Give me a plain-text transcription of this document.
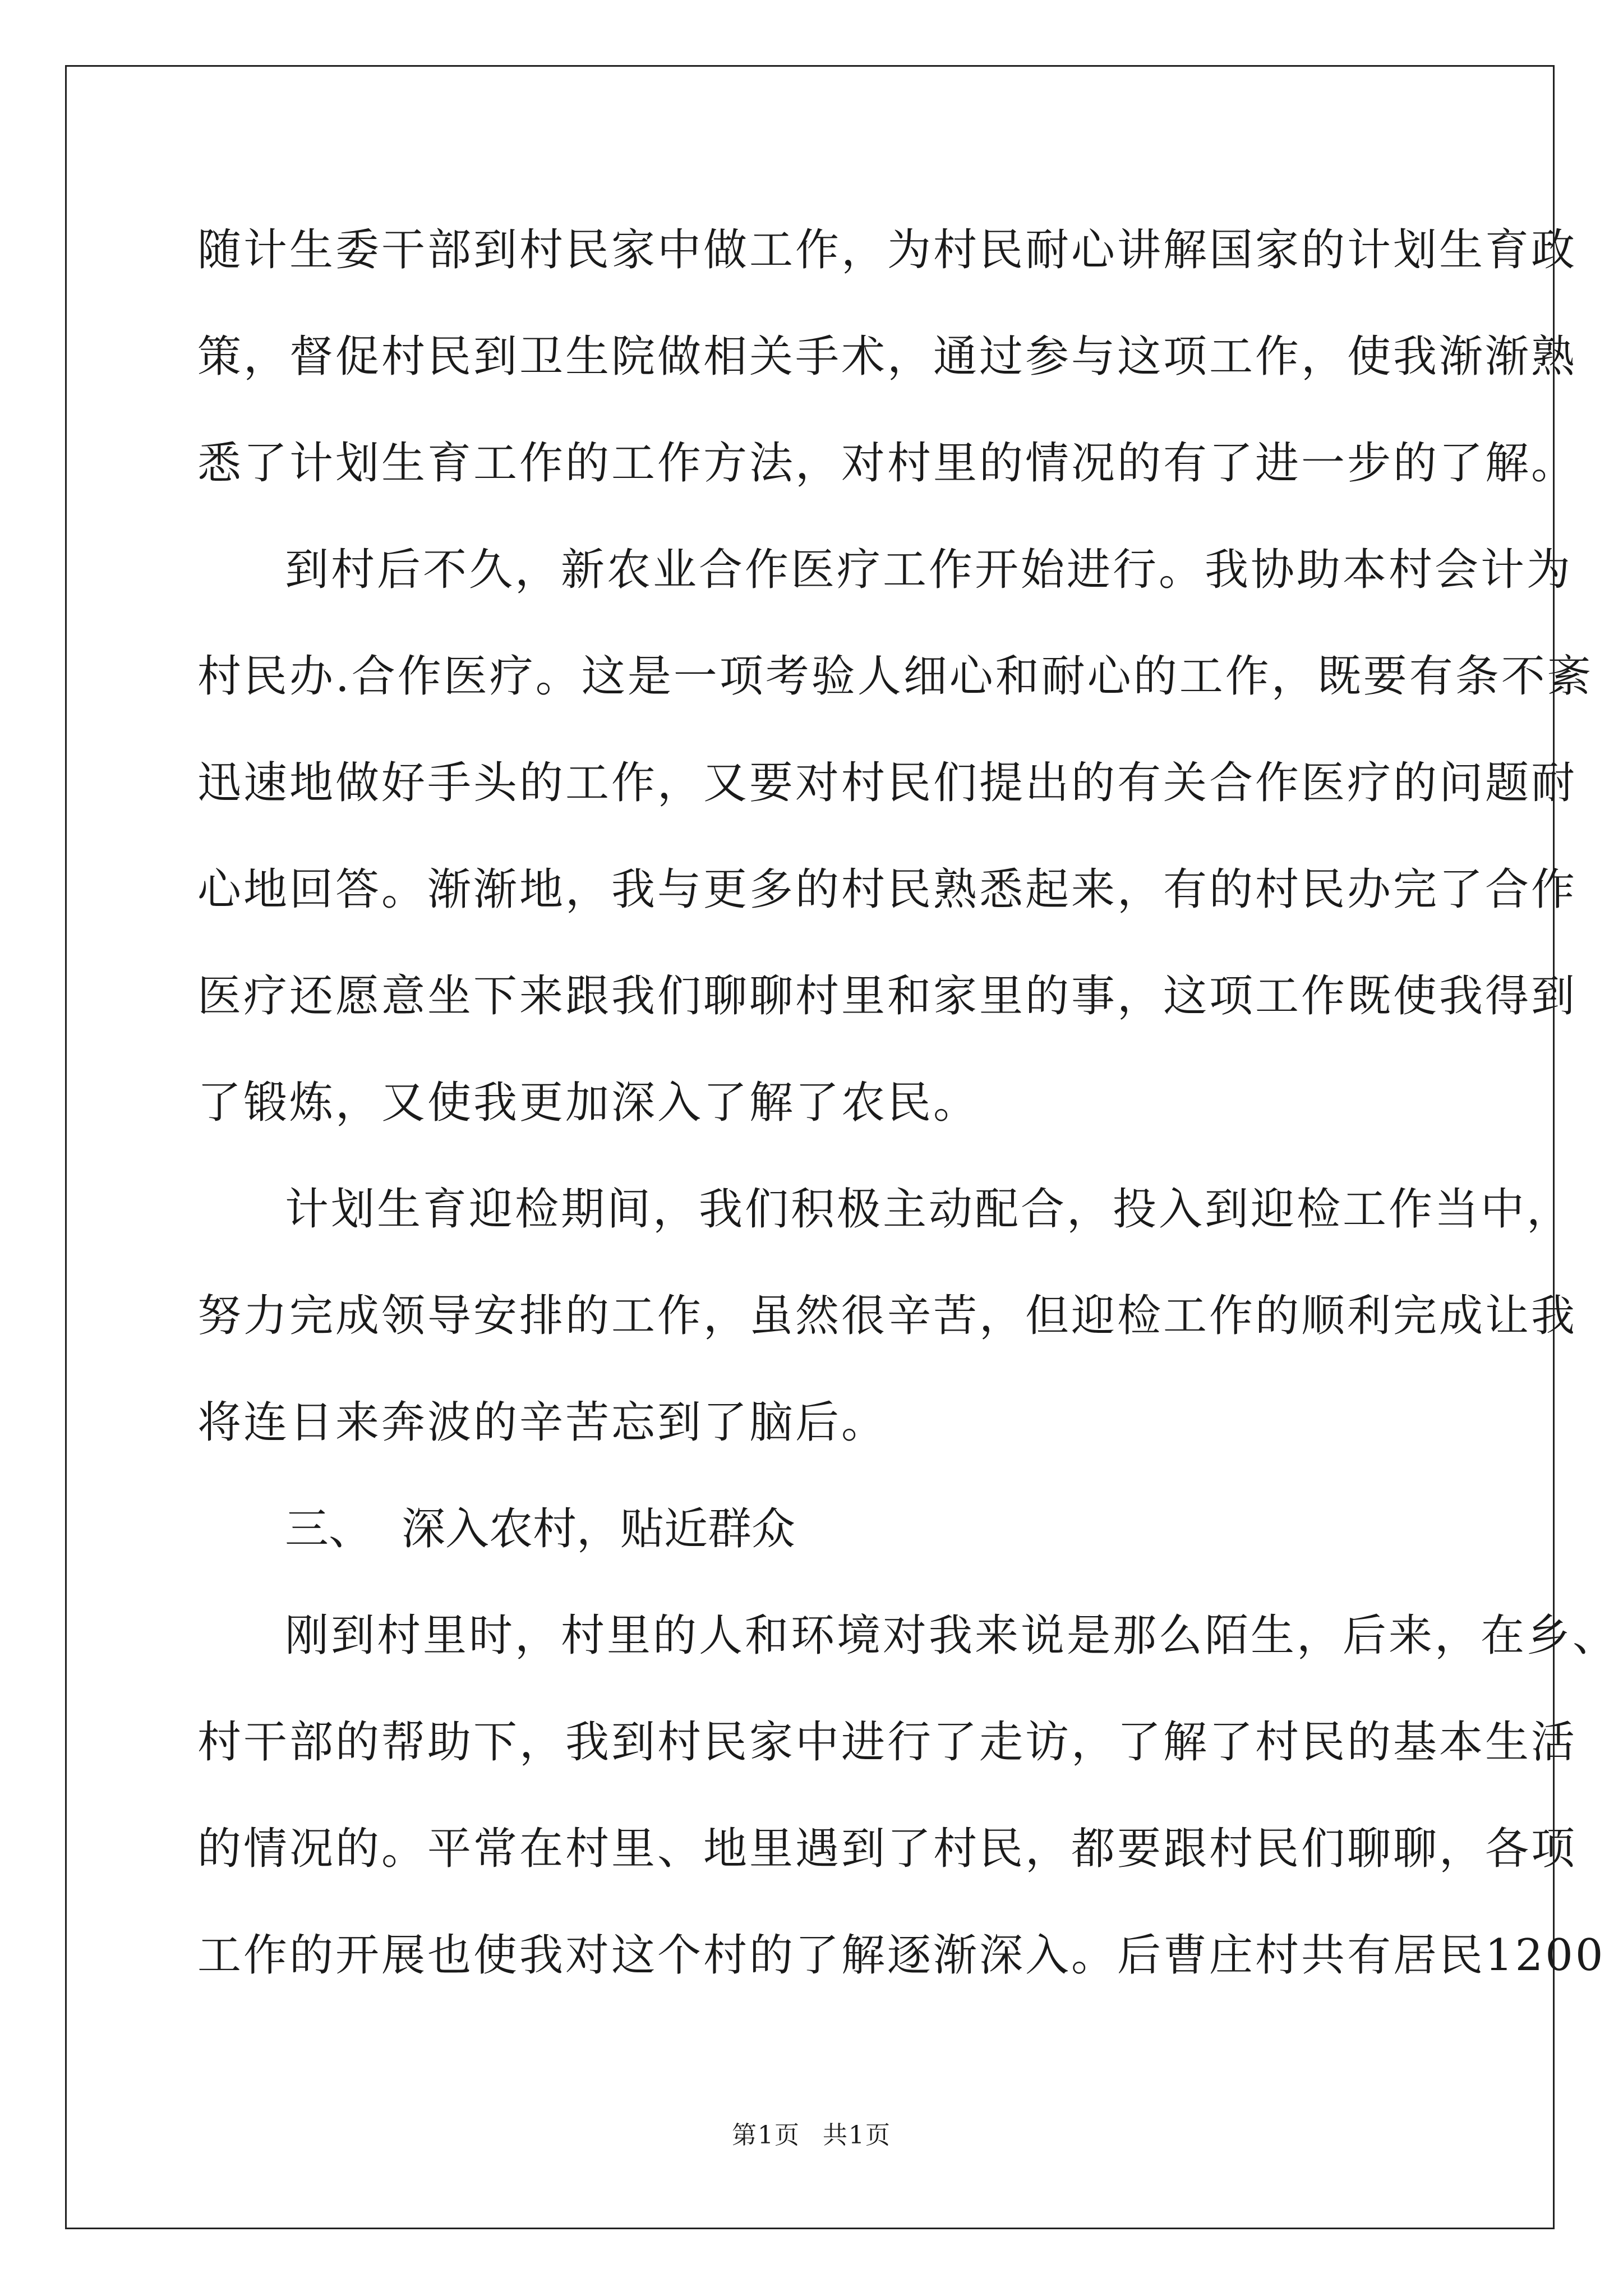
随计生委干部到村民家中做工作，为村民耐心讲解国家的计划生育政
策，督促村民到卫生院做相关手术，通过参与这项工作，使我渐渐熟
悉了计划生育工作的工作方法，对村里的情况的有了进一步的了解。
到村后不久，新农业合作医疗工作开始进行。我协助本村会计为
村民办.合作医疗。这是一项考验人细心和耐心的工作，既要有条不紊
迅速地做好手头的工作，又要对村民们提出的有关合作医疗的问题耐
心地回答。渐渐地，我与更多的村民熟悉起来，有的村民办完了合作
医疗还愿意坐下来跟我们聊聊村里和家里的事，这项工作既使我得到
了锻炼，又使我更加深入了解了农民。
计划生育迎检期间，我们积极主动配合，投入到迎检工作当中，
努力完成领导安排的工作，虽然很辛苦，但迎检工作的顺利完成让我
将连日来奔波的辛苦忘到了脑后。
三、 深入农村，贴近群众
刚到村里时，村里的人和环境对我来说是那么陌生，后来，在乡、
村干部的帮助下，我到村民家中进行了走访，了解了村民的基本生活
的情况的。平常在村里、地里遇到了村民，都要跟村民们聊聊，各项
工作的开展也使我对这个村的了解逐渐深入。后曹庄村共有居民1200
第1页 共1页
